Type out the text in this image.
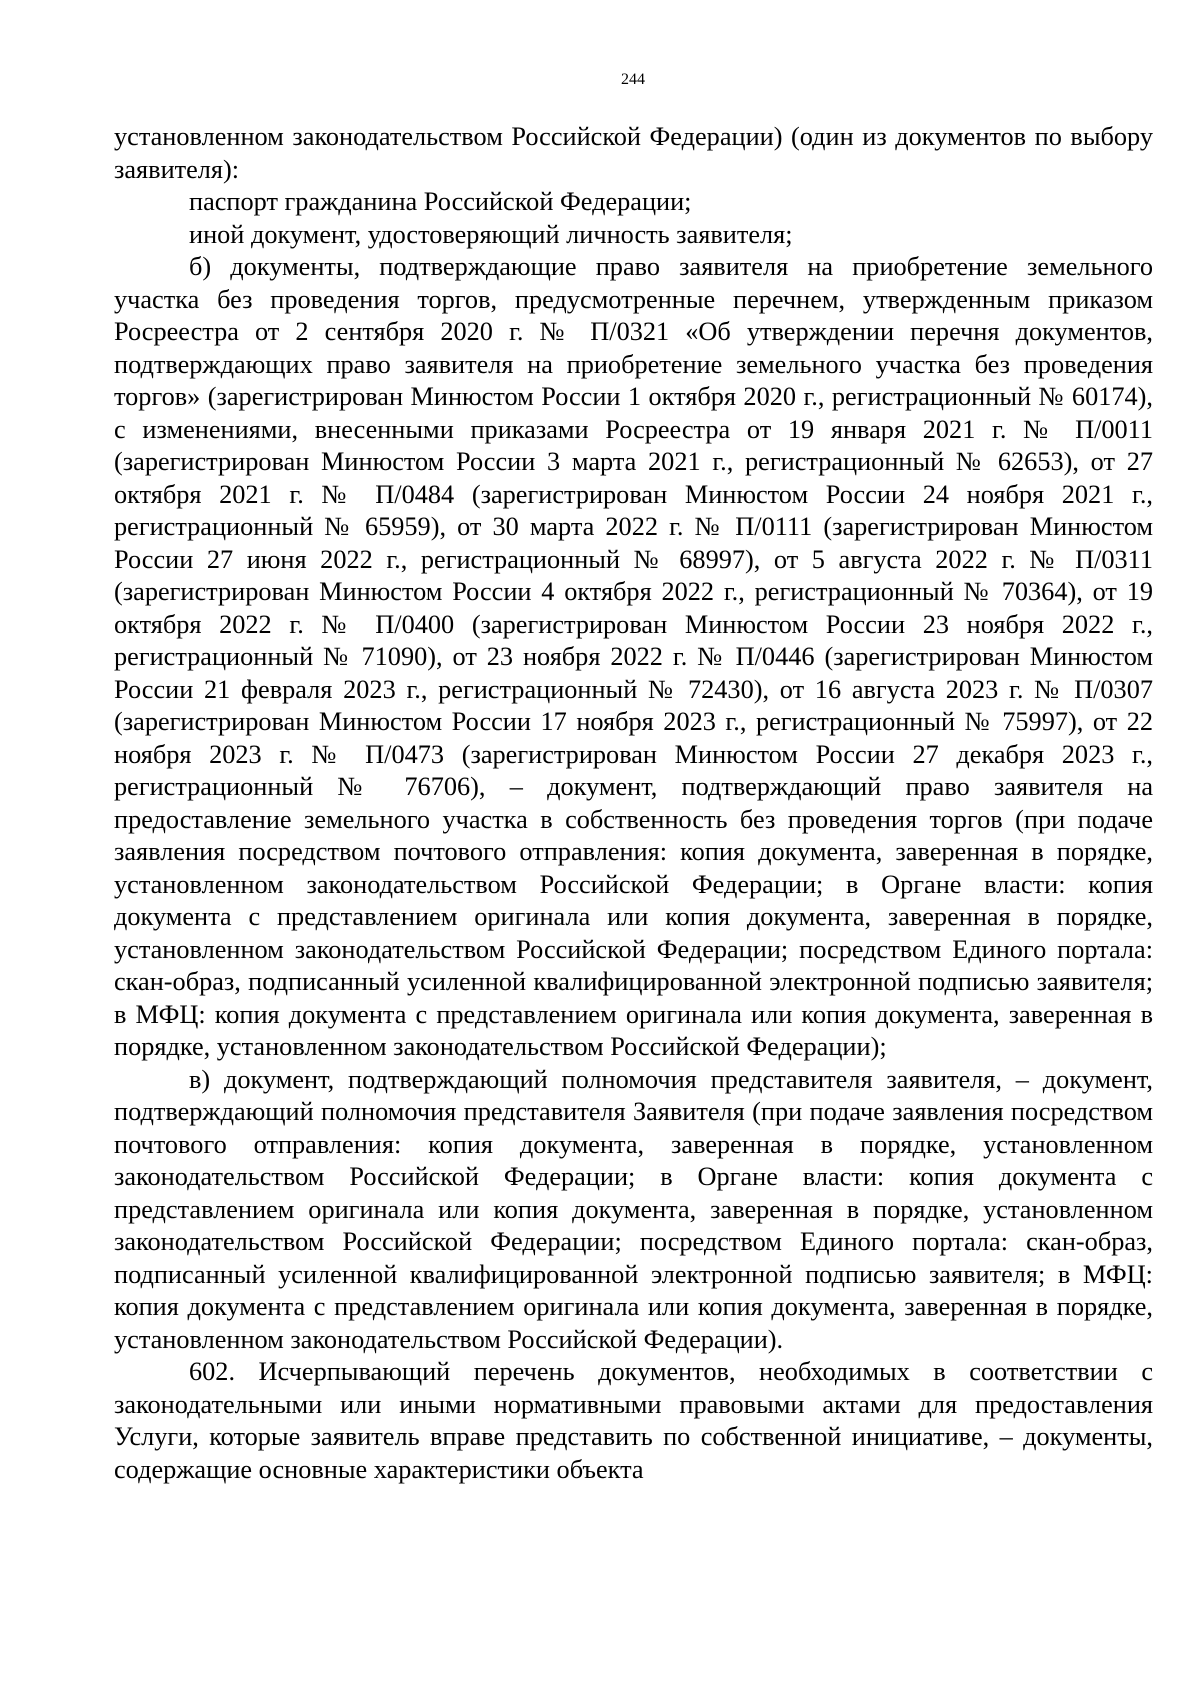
244

установленном законодательством Российской Федерации) (один из документов по выбору заявителя):

паспорт гражданина Российской Федерации;

иной документ, удостоверяющий личность заявителя;

б) документы, подтверждающие право заявителя на приобретение земельного участка без проведения торгов, предусмотренные перечнем, утвержденным приказом Росреестра от 2 сентября 2020 г. № П/0321 «Об утверждении перечня документов, подтверждающих право заявителя на приобретение земельного участка без проведения торгов» (зарегистрирован Минюстом России 1 октября 2020 г., регистрационный № 60174), с изменениями, внесенными приказами Росреестра от 19 января 2021 г. № П/0011 (зарегистрирован Минюстом России 3 марта 2021 г., регистрационный № 62653), от 27 октября 2021 г. № П/0484 (зарегистрирован Минюстом России 24 ноября 2021 г., регистрационный № 65959), от 30 марта 2022 г. № П/0111 (зарегистрирован Минюстом России 27 июня 2022 г., регистрационный № 68997), от 5 августа 2022 г. № П/0311 (зарегистрирован Минюстом России 4 октября 2022 г., регистрационный № 70364), от 19 октября 2022 г. № П/0400 (зарегистрирован Минюстом России 23 ноября 2022 г., регистрационный № 71090), от 23 ноября 2022 г. № П/0446 (зарегистрирован Минюстом России 21 февраля 2023 г., регистрационный № 72430), от 16 августа 2023 г. № П/0307 (зарегистрирован Минюстом России 17 ноября 2023 г., регистрационный № 75997), от 22 ноября 2023 г. № П/0473 (зарегистрирован Минюстом России 27 декабря 2023 г., регистрационный № 76706), – документ, подтверждающий право заявителя на предоставление земельного участка в собственность без проведения торгов (при подаче заявления посредством почтового отправления: копия документа, заверенная в порядке, установленном законодательством Российской Федерации; в Органе власти: копия документа с представлением оригинала или копия документа, заверенная в порядке, установленном законодательством Российской Федерации; посредством Единого портала: скан-образ, подписанный усиленной квалифицированной электронной подписью заявителя; в МФЦ: копия документа с представлением оригинала или копия документа, заверенная в порядке, установленном законодательством Российской Федерации);

в) документ, подтверждающий полномочия представителя заявителя, – документ, подтверждающий полномочия представителя Заявителя (при подаче заявления посредством почтового отправления: копия документа, заверенная в порядке, установленном законодательством Российской Федерации; в Органе власти: копия документа с представлением оригинала или копия документа, заверенная в порядке, установленном законодательством Российской Федерации; посредством Единого портала: скан-образ, подписанный усиленной квалифицированной электронной подписью заявителя; в МФЦ: копия документа с представлением оригинала или копия документа, заверенная в порядке, установленном законодательством Российской Федерации).

602. Исчерпывающий перечень документов, необходимых в соответствии с законодательными или иными нормативными правовыми актами для предоставления Услуги, которые заявитель вправе представить по собственной инициативе, – документы, содержащие основные характеристики объекта
